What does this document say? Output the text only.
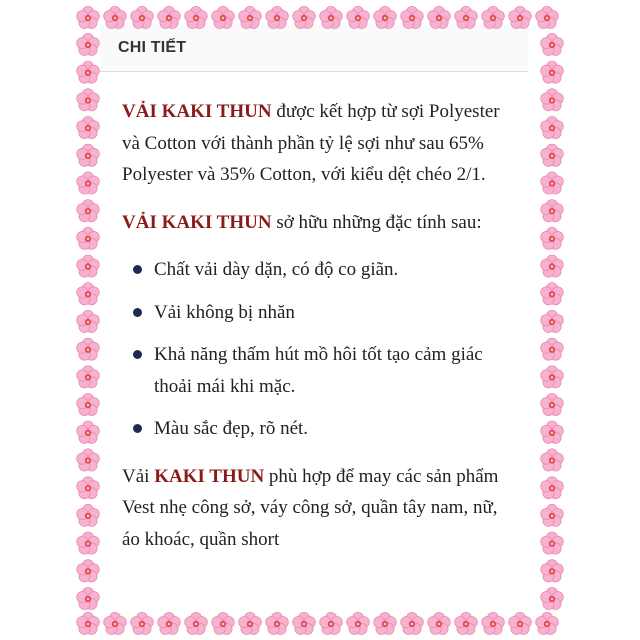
CHI TIẾT

VẢI KAKI THUN được kết hợp từ sợi Polyester và Cotton với thành phần tỷ lệ sợi như sau 65% Polyester và 35% Cotton, với kiểu dệt chéo 2/1.

VẢI KAKI THUN sở hữu những đặc tính sau:

Chất vải dày dặn, có độ co giãn.
Vải không bị nhăn
Khả năng thấm hút mồ hôi tốt tạo cảm giác thoải mái khi mặc.
Màu sắc đẹp, rõ nét.

Vải KAKI THUN phù hợp để may các sản phẩm Vest nhẹ công sở, váy công sở, quần tây nam, nữ, áo khoác, quần short
